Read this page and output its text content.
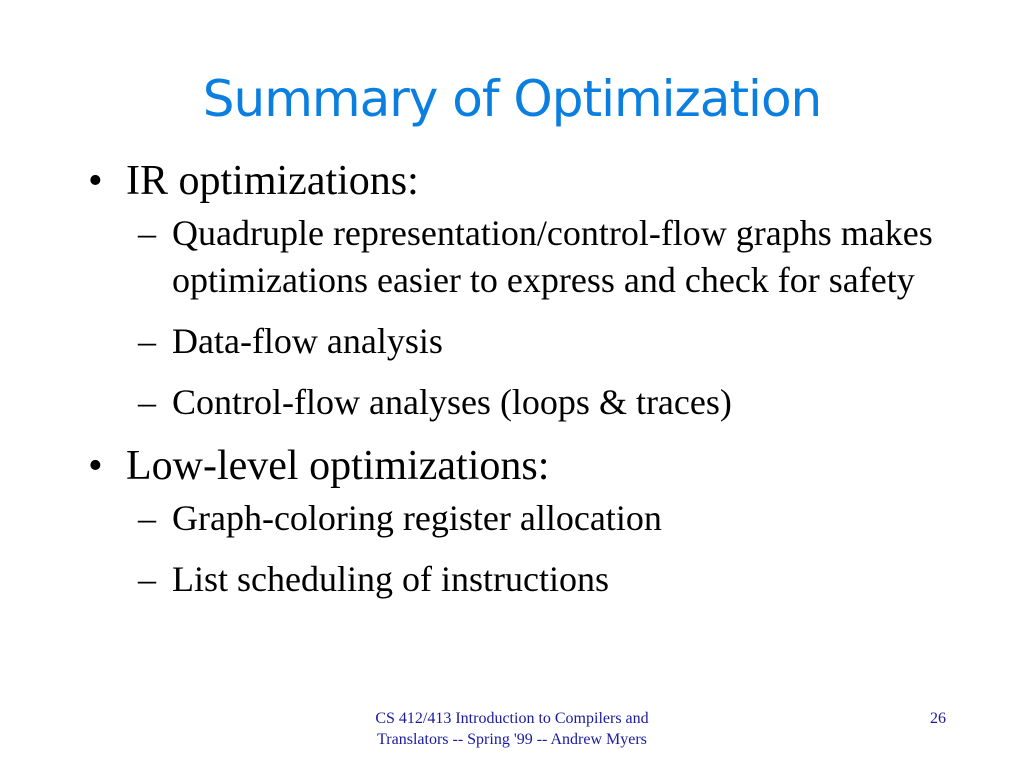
Summary of Optimization
• IR optimizations:
– Quadruple representation/control-flow graphs makes optimizations easier to express and check for safety
– Data-flow analysis
– Control-flow analyses (loops & traces)
• Low-level optimizations:
– Graph-coloring register allocation
– List scheduling of instructions
CS 412/413 Introduction to Compilers and Translators -- Spring '99 -- Andrew Myers
26
